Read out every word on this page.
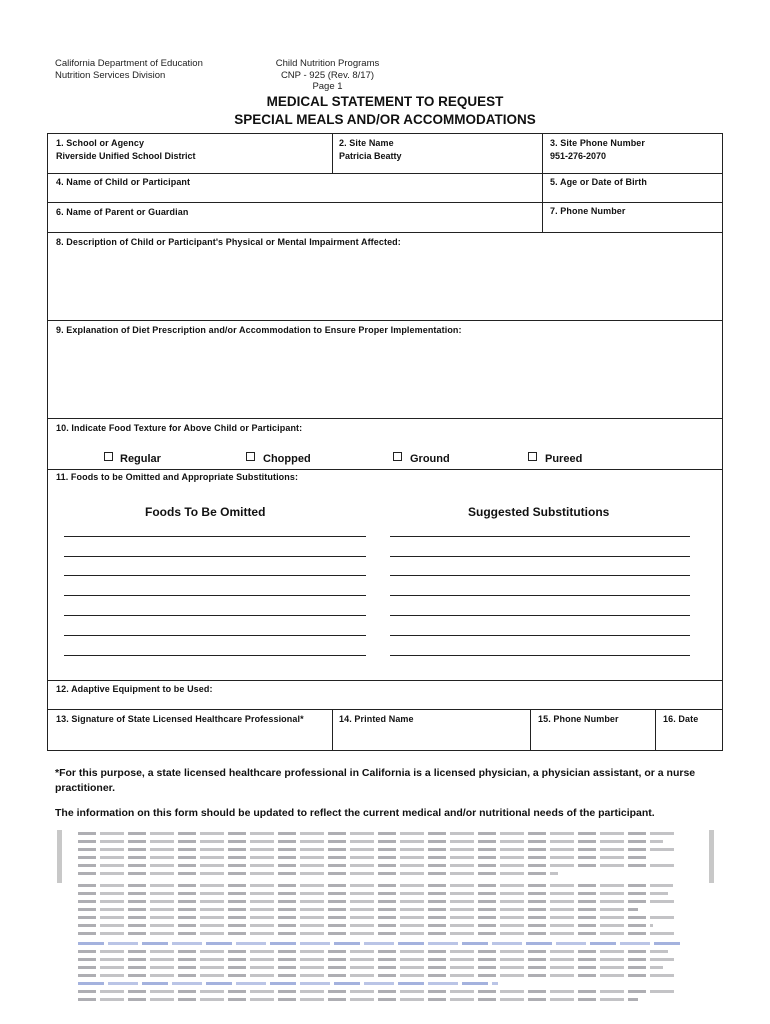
California Department of Education
Nutrition Services Division
Child Nutrition Programs
CNP - 925 (Rev. 8/17)
Page 1
MEDICAL STATEMENT TO REQUEST
SPECIAL MEALS AND/OR ACCOMMODATIONS
1. School or Agency
Riverside Unified School District
2. Site Name
Patricia Beatty
3. Site Phone Number
951-276-2070
4. Name of Child or Participant	5. Age or Date of Birth
6. Name of Parent or Guardian	7. Phone Number
8. Description of Child or Participant's Physical or Mental Impairment Affected:
9. Explanation of Diet Prescription and/or Accommodation to Ensure Proper Implementation:
10. Indicate Food Texture for Above Child or Participant:
Regular	Chopped	Ground	Pureed
11. Foods to be Omitted and Appropriate Substitutions:
Foods To Be Omitted	Suggested Substitutions
12. Adaptive Equipment to be Used:
13. Signature of State Licensed Healthcare Professional*	14. Printed Name	15. Phone Number	16. Date
*For this purpose, a state licensed healthcare professional in California is a licensed physician, a physician assistant, or a nurse practitioner.
The information on this form should be updated to reflect the current medical and/or nutritional needs of the participant.
